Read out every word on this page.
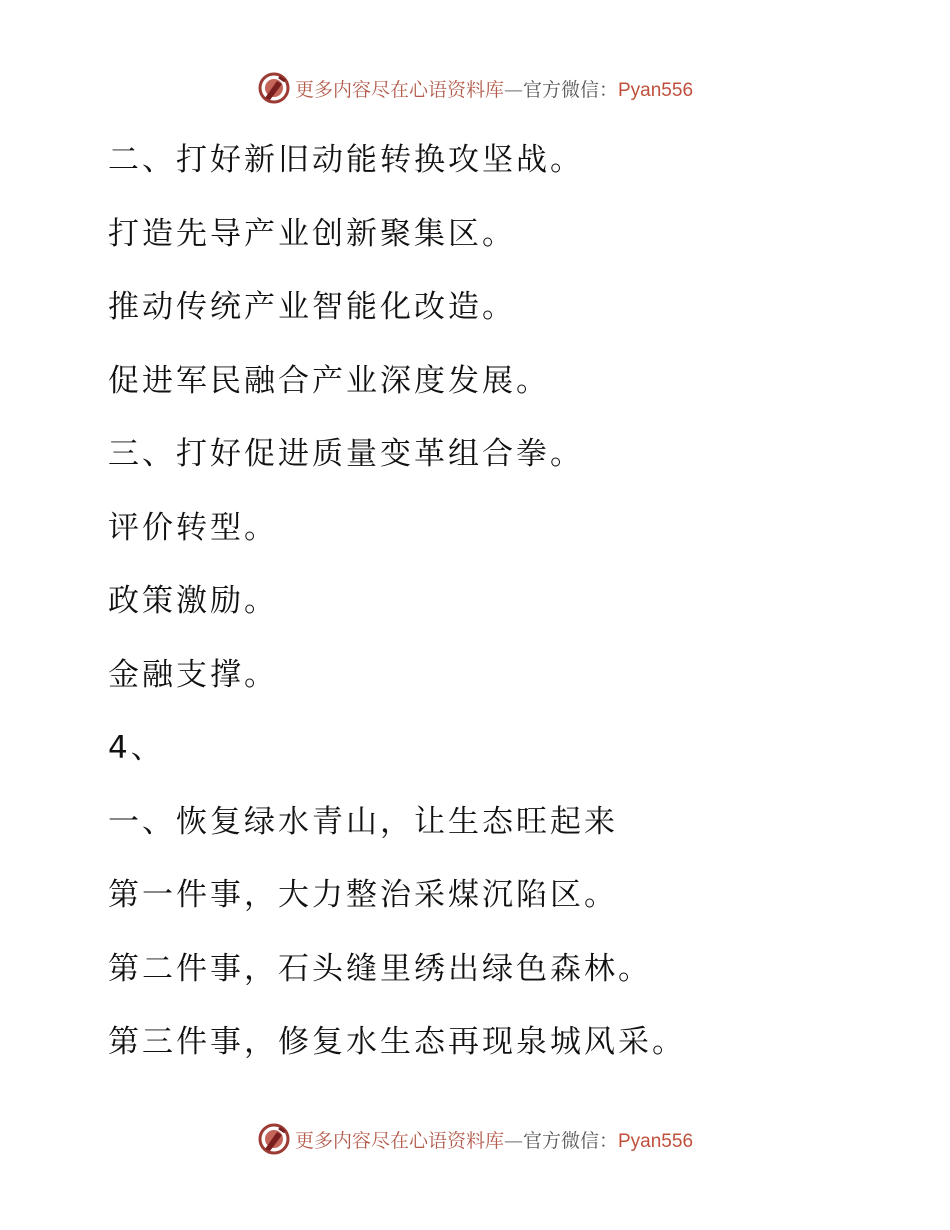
更多内容尽在心语资料库—官方微信：Pyan556
二、打好新旧动能转换攻坚战。
打造先导产业创新聚集区。
推动传统产业智能化改造。
促进军民融合产业深度发展。
三、打好促进质量变革组合拳。
评价转型。
政策激励。
金融支撑。
4、
一、恢复绿水青山，让生态旺起来
第一件事，大力整治采煤沉陷区。
第二件事，石头缝里绣出绿色森林。
第三件事，修复水生态再现泉城风采。
更多内容尽在心语资料库—官方微信：Pyan556
